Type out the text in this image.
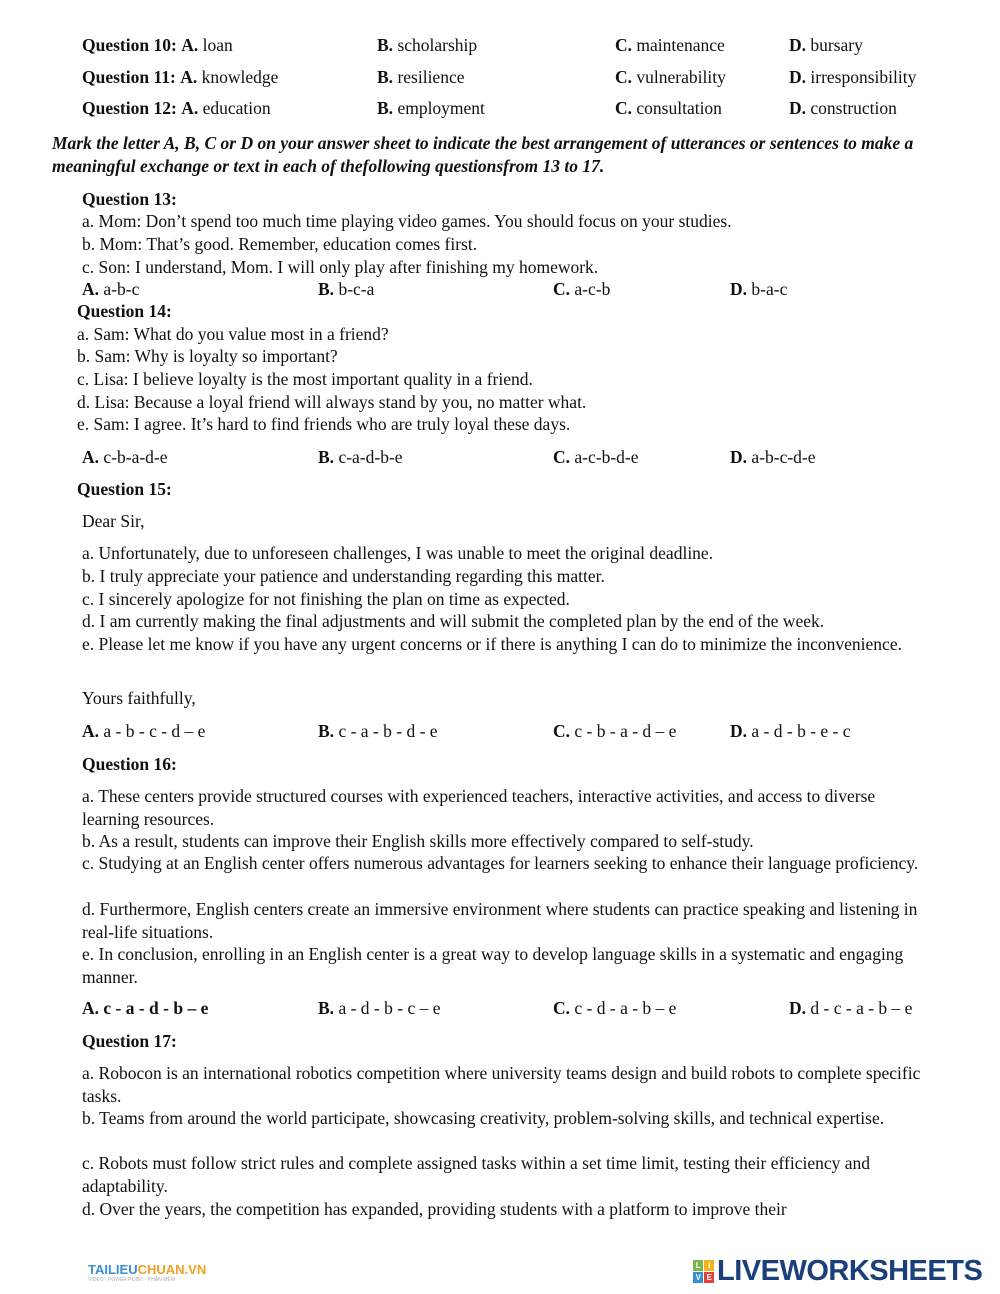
Question 10: A. loan	B. scholarship	C. maintenance	D. bursary
Question 11: A. knowledge	B. resilience	C. vulnerability	D. irresponsibility
Question 12: A. education	B. employment	C. consultation	D. construction
Mark the letter A, B, C or D on your answer sheet to indicate the best arrangement of utterances or sentences to make a meaningful exchange or text in each of thefollowing questionsfrom 13 to 17.
Question 13:
a. Mom: Don’t spend too much time playing video games. You should focus on your studies.
b. Mom: That’s good. Remember, education comes first.
c. Son: I understand, Mom. I will only play after finishing my homework.
A. a-b-c	B. b-c-a	C. a-c-b	D. b-a-c
Question 14:
a. Sam: What do you value most in a friend?
b. Sam: Why is loyalty so important?
c. Lisa: I believe loyalty is the most important quality in a friend.
d. Lisa: Because a loyal friend will always stand by you, no matter what.
e. Sam: I agree. It’s hard to find friends who are truly loyal these days.
A. c-b-a-d-e	B. c-a-d-b-e	C. a-c-b-d-e	D. a-b-c-d-e
Question 15:
Dear Sir,
a. Unfortunately, due to unforeseen challenges, I was unable to meet the original deadline.
b. I truly appreciate your patience and understanding regarding this matter.
c. I sincerely apologize for not finishing the plan on time as expected.
d. I am currently making the final adjustments and will submit the completed plan by the end of the week.
e. Please let me know if you have any urgent concerns or if there is anything I can do to minimize the inconvenience.
Yours faithfully,
A. a - b - c - d – e	B. c - a - b - d - e	C. c - b - a - d – e	D. a - d - b - e - c
Question 16:
a. These centers provide structured courses with experienced teachers, interactive activities, and access to diverse learning resources.
b. As a result, students can improve their English skills more effectively compared to self-study.
c. Studying at an English center offers numerous advantages for learners seeking to enhance their language proficiency.
d. Furthermore, English centers create an immersive environment where students can practice speaking and listening in real-life situations.
e. In conclusion, enrolling in an English center is a great way to develop language skills in a systematic and engaging manner.
A. c - a - d - b – e	B. a - d - b - c – e	C. c - d - a - b – e	D. d - c - a - b – e
Question 17:
a. Robocon is an international robotics competition where university teams design and build robots to complete specific tasks.
b. Teams from around the world participate, showcasing creativity, problem-solving skills, and technical expertise.
c. Robots must follow strict rules and complete assigned tasks within a set time limit, testing their efficiency and adaptability.
d. Over the years, the competition has expanded, providing students with a platform to improve their
TAILIEUCHUAN.VN
VIDEO · POWER POINT · PHẦN MỀM
L I
V E LIVEWORKSHEETS
